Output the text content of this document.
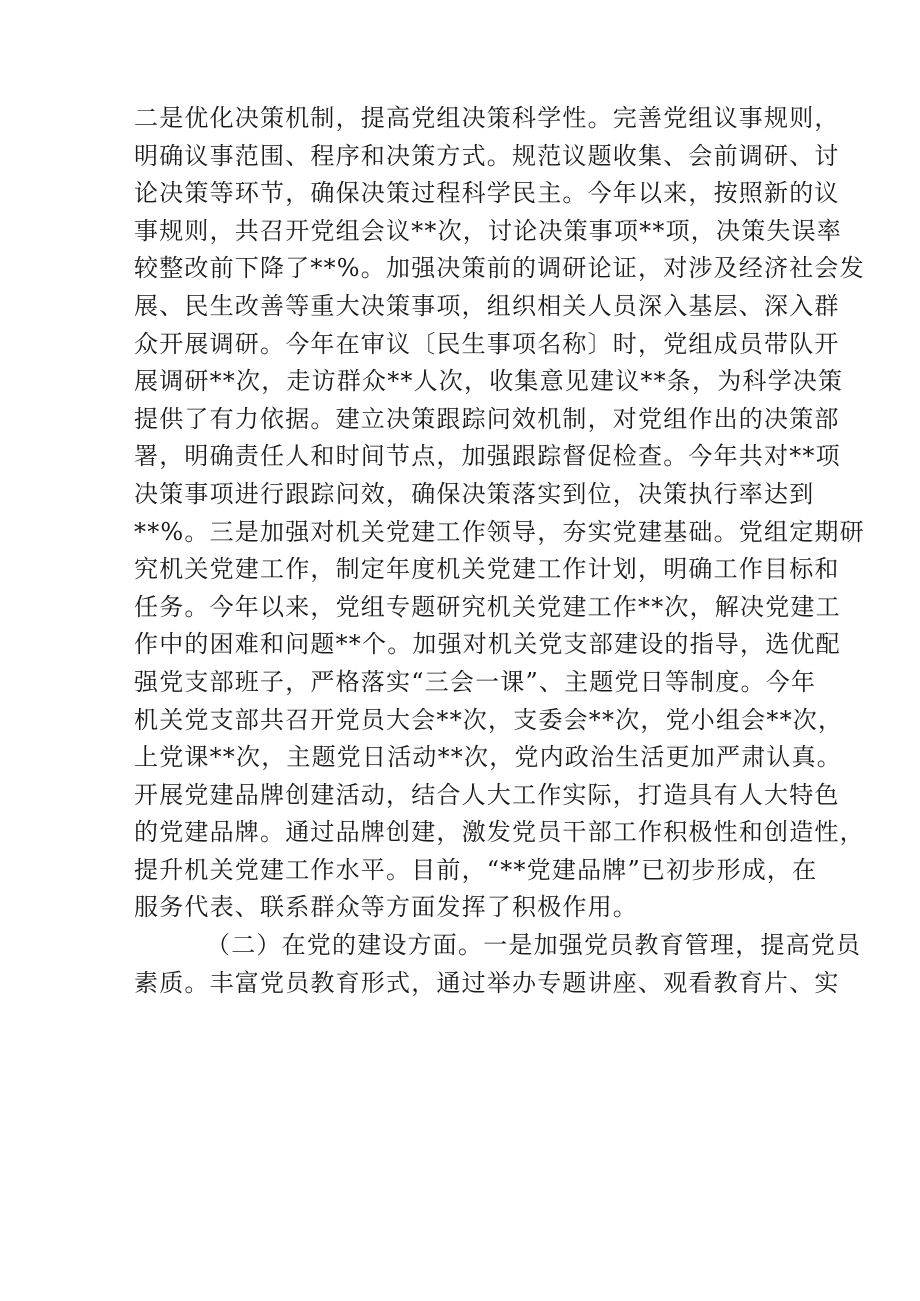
二是优化决策机制，提高党组决策科学性。完善党组议事规则，
明确议事范围、程序和决策方式。规范议题收集、会前调研、讨
论决策等环节，确保决策过程科学民主。今年以来，按照新的议
事规则，共召开党组会议**次，讨论决策事项**项，决策失误率
较整改前下降了**%。加强决策前的调研论证，对涉及经济社会发
展、民生改善等重大决策事项，组织相关人员深入基层、深入群
众开展调研。今年在审议〔民生事项名称〕时，党组成员带队开
展调研**次，走访群众**人次，收集意见建议**条，为科学决策
提供了有力依据。建立决策跟踪问效机制，对党组作出的决策部
署，明确责任人和时间节点，加强跟踪督促检查。今年共对**项
决策事项进行跟踪问效，确保决策落实到位，决策执行率达到
**%。三是加强对机关党建工作领导，夯实党建基础。党组定期研
究机关党建工作，制定年度机关党建工作计划，明确工作目标和
任务。今年以来，党组专题研究机关党建工作**次，解决党建工
作中的困难和问题**个。加强对机关党支部建设的指导，选优配
强党支部班子，严格落实“三会一课”、主题党日等制度。今年
机关党支部共召开党员大会**次，支委会**次，党小组会**次，
上党课**次，主题党日活动**次，党内政治生活更加严肃认真。
开展党建品牌创建活动，结合人大工作实际，打造具有人大特色
的党建品牌。通过品牌创建，激发党员干部工作积极性和创造性，
提升机关党建工作水平。目前，“**党建品牌”已初步形成，在
服务代表、联系群众等方面发挥了积极作用。
（二）在党的建设方面。一是加强党员教育管理，提高党员
素质。丰富党员教育形式，通过举办专题讲座、观看教育片、实
